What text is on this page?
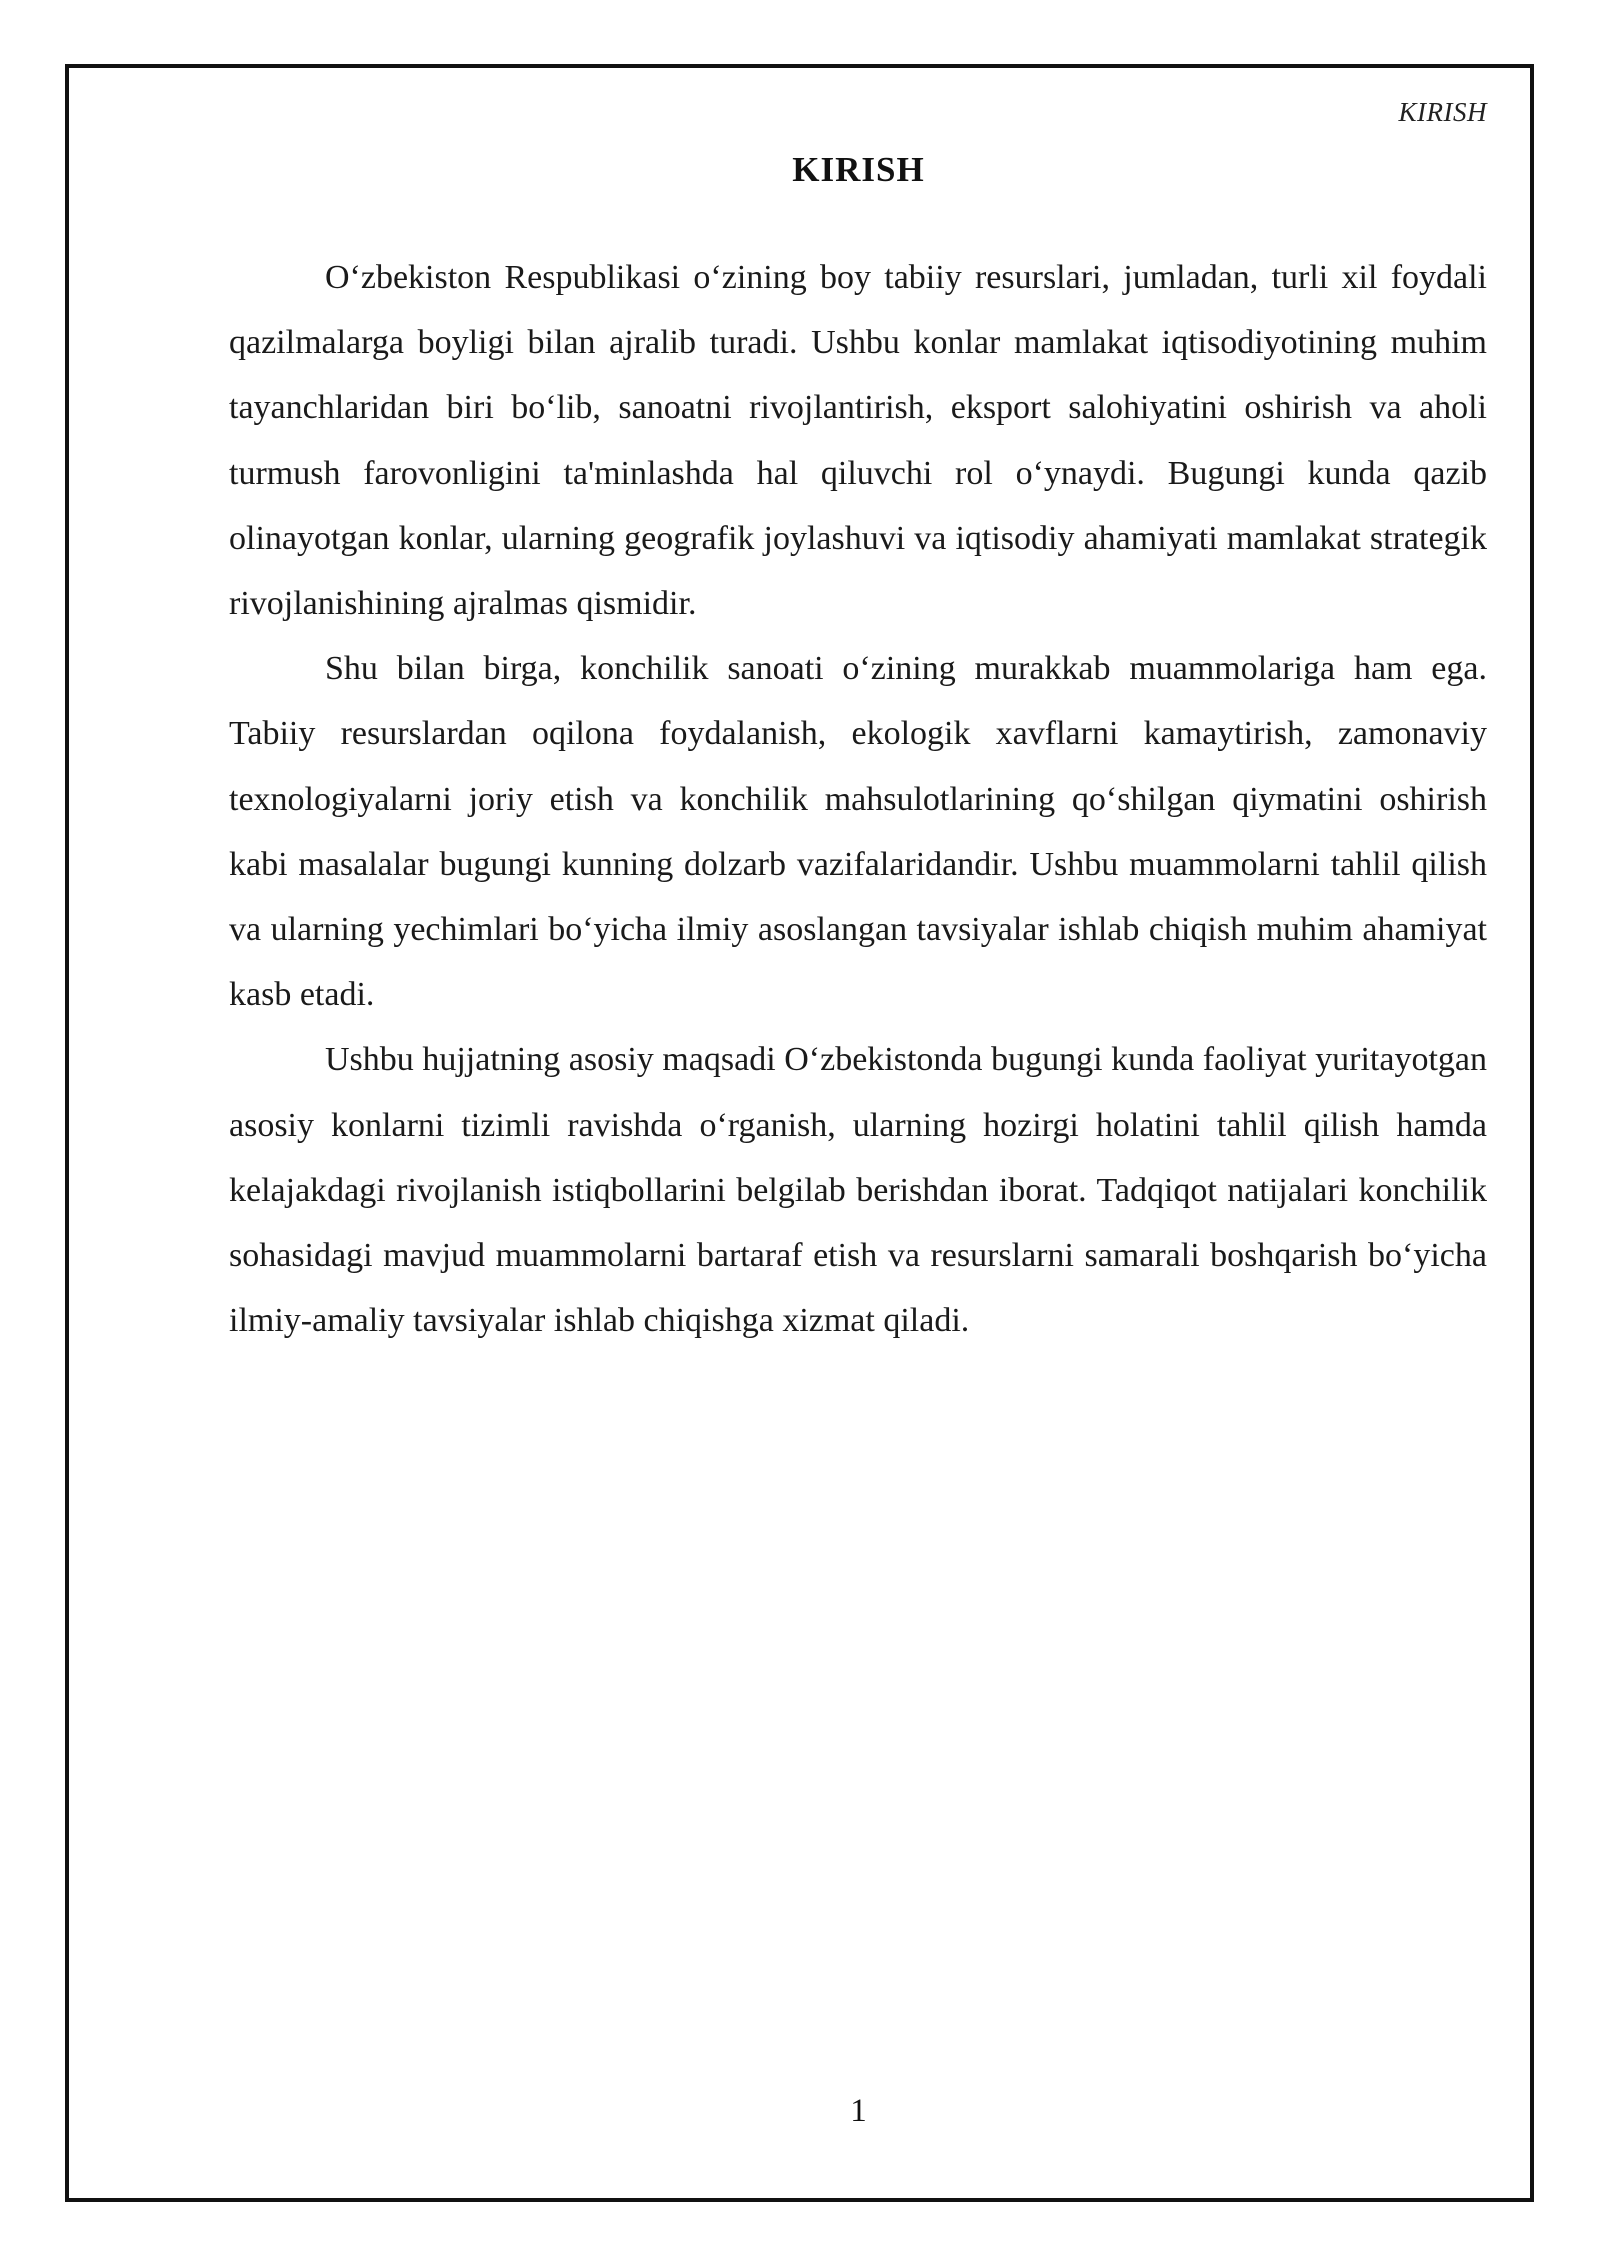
KIRISH
KIRISH

O‘zbekiston Respublikasi o‘zining boy tabiiy resurslari, jumladan, turli xil foydali qazilmalarga boyligi bilan ajralib turadi. Ushbu konlar mamlakat iqtisodiyotining muhim tayanchlaridan biri bo‘lib, sanoatni rivojlantirish, eksport salohiyatini oshirish va aholi turmush farovonligini ta'minlashda hal qiluvchi rol o‘ynaydi. Bugungi kunda qazib olinayotgan konlar, ularning geografik joylashuvi va iqtisodiy ahamiyati mamlakat strategik rivojlanishining ajralmas qismidir.

Shu bilan birga, konchilik sanoati o‘zining murakkab muammolariga ham ega. Tabiiy resurslardan oqilona foydalanish, ekologik xavflarni kamaytirish, zamonaviy texnologiyalarni joriy etish va konchilik mahsulotlarining qo‘shilgan qiymatini oshirish kabi masalalar bugungi kunning dolzarb vazifalaridandir. Ushbu muammolarni tahlil qilish va ularning yechimlari bo‘yicha ilmiy asoslangan tavsiyalar ishlab chiqish muhim ahamiyat kasb etadi.

Ushbu hujjatning asosiy maqsadi O‘zbekistonda bugungi kunda faoliyat yuritayotgan asosiy konlarni tizimli ravishda o‘rganish, ularning hozirgi holatini tahlil qilish hamda kelajakdagi rivojlanish istiqbollarini belgilab berishdan iborat. Tadqiqot natijalari konchilik sohasidagi mavjud muammolarni bartaraf etish va resurslarni samarali boshqarish bo‘yicha ilmiy-amaliy tavsiyalar ishlab chiqishga xizmat qiladi.

1
